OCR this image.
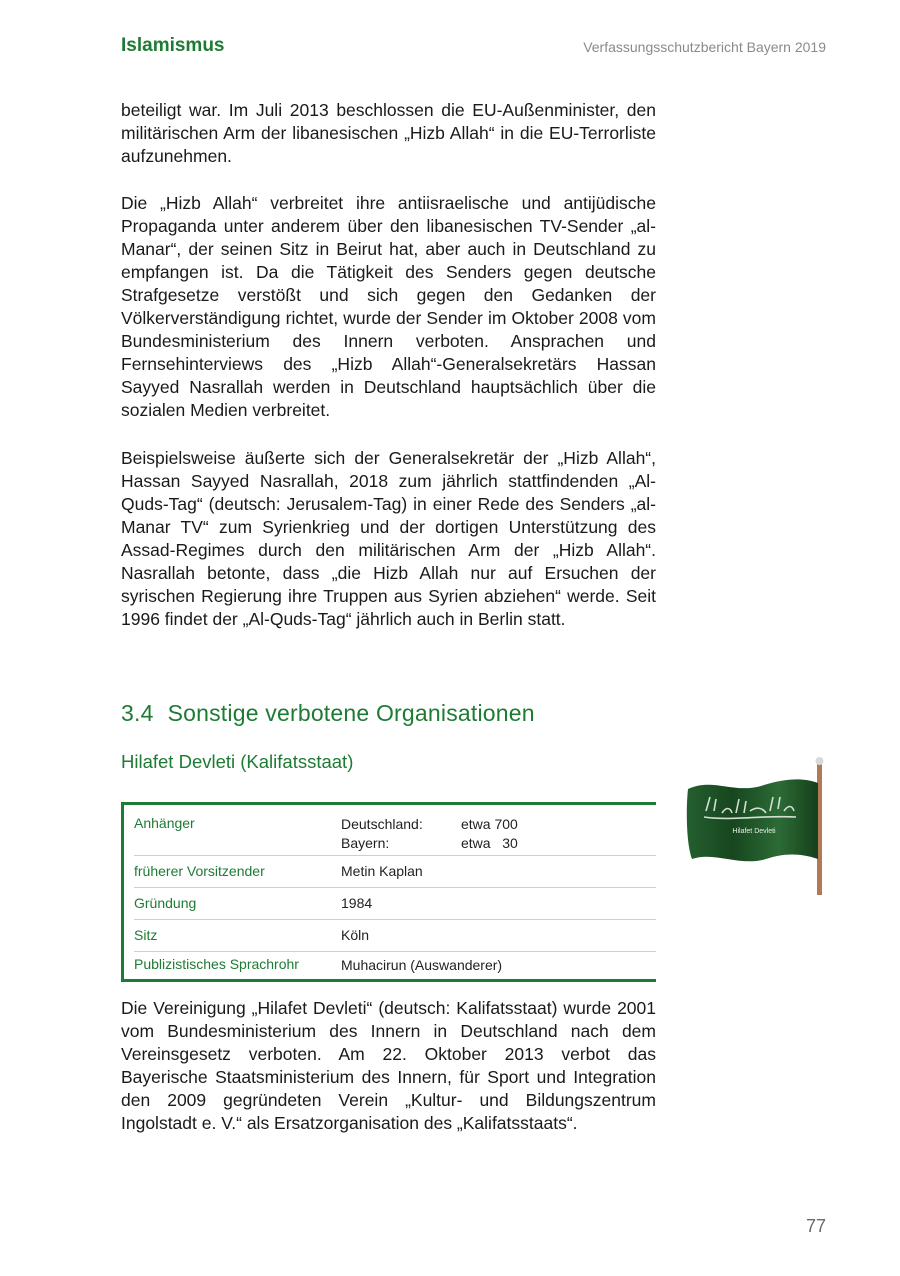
Islamismus	Verfassungsschutzbericht Bayern 2019
beteiligt war. Im Juli 2013 beschlossen die EU-Außenminister, den militärischen Arm der libanesischen „Hizb Allah“ in die EU-Terrorliste aufzunehmen.
Die „Hizb Allah“ verbreitet ihre antiisraelische und antijüdische Propaganda unter anderem über den libanesischen TV-Sender „al-Manar“, der seinen Sitz in Beirut hat, aber auch in Deutschland zu empfangen ist. Da die Tätigkeit des Senders gegen deutsche Strafgesetze verstößt und sich gegen den Gedanken der Völkerverständigung richtet, wurde der Sender im Oktober 2008 vom Bundesministerium des Innern verboten. Ansprachen und Fernsehinterviews des „Hizb Allah“-Generalsekretärs Hassan Sayyed Nasrallah werden in Deutschland hauptsächlich über die sozialen Medien verbreitet.
Beispielsweise äußerte sich der Generalsekretär der „Hizb Allah“, Hassan Sayyed Nasrallah, 2018 zum jährlich stattfindenden „Al-Quds-Tag“ (deutsch: Jerusalem-Tag) in einer Rede des Senders „al-Manar TV“ zum Syrienkrieg und der dortigen Unterstützung des Assad-Regimes durch den militärischen Arm der „Hizb Allah“. Nasrallah betonte, dass „die Hizb Allah nur auf Ersuchen der syrischen Regierung ihre Truppen aus Syrien abziehen“ werde. Seit 1996 findet der „Al-Quds-Tag“ jährlich auch in Berlin statt.
3.4 Sonstige verbotene Organisationen
Hilafet Devleti (Kalifatsstaat)
Anhänger	Deutschland:	etwa 700
Bayern:	etwa   30
früherer Vorsitzender	Metin Kaplan
Gründung	1984
Sitz	Köln
Publizistisches Sprachrohr	Muhacirun (Auswanderer)
Hilafet Devleti
Die Vereinigung „Hilafet Devleti“ (deutsch: Kalifatsstaat) wurde 2001 vom Bundesministerium des Innern in Deutschland nach dem Vereinsgesetz verboten. Am 22. Oktober 2013 verbot das Bayerische Staatsministerium des Innern, für Sport und Integration den 2009 gegründeten Verein „Kultur- und Bildungszentrum Ingolstadt e. V.“ als Ersatzorganisation des „Kalifatsstaats“.
77
